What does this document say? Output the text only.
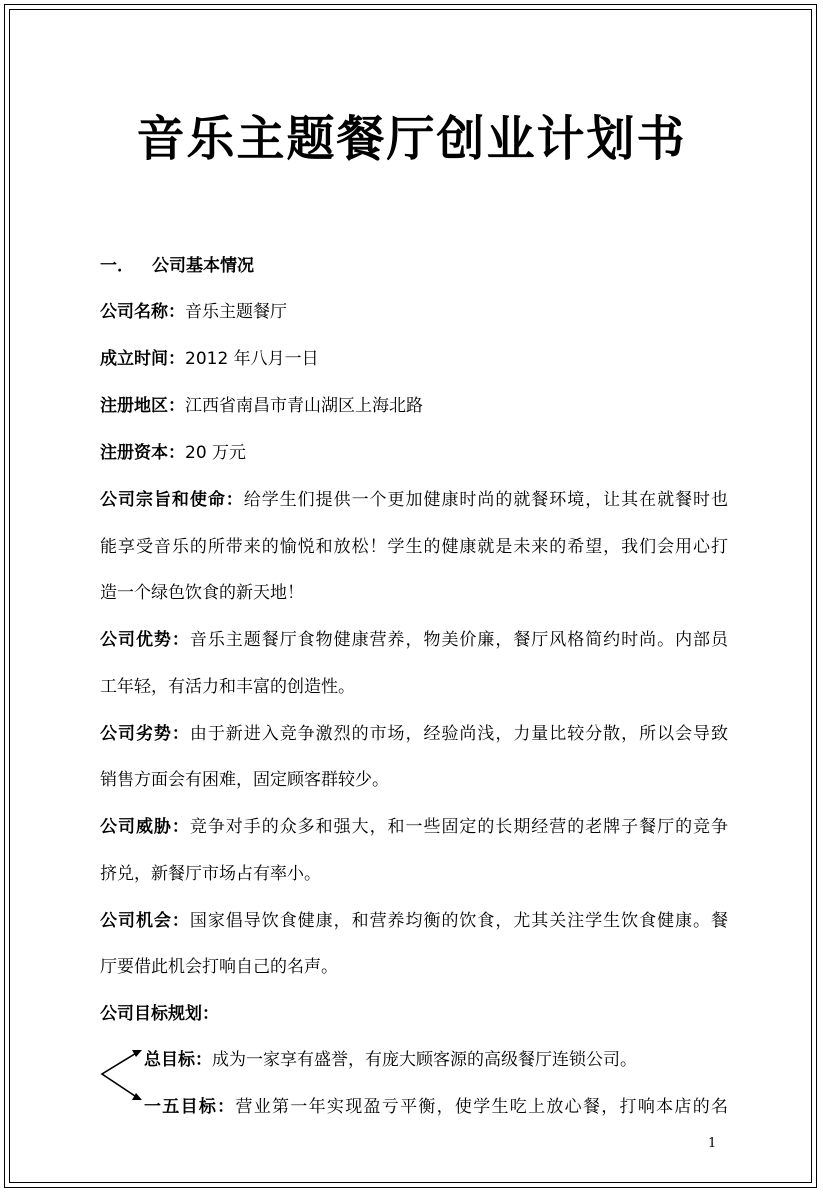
音乐主题餐厅创业计划书
一． 公司基本情况
公司名称：音乐主题餐厅
成立时间：2012 年八月一日
注册地区：江西省南昌市青山湖区上海北路
注册资本：20 万元
公司宗旨和使命：给学生们提供一个更加健康时尚的就餐环境，让其在就餐时也
能享受音乐的所带来的愉悦和放松！学生的健康就是未来的希望，我们会用心打
造一个绿色饮食的新天地！
公司优势：音乐主题餐厅食物健康营养，物美价廉，餐厅风格简约时尚。内部员
工年轻，有活力和丰富的创造性。
公司劣势：由于新进入竞争激烈的市场，经验尚浅，力量比较分散，所以会导致
销售方面会有困难，固定顾客群较少。
公司威胁：竞争对手的众多和强大，和一些固定的长期经营的老牌子餐厅的竞争
挤兑，新餐厅市场占有率小。
公司机会：国家倡导饮食健康，和营养均衡的饮食，尤其关注学生饮食健康。餐
厅要借此机会打响自己的名声。
公司目标规划：
总目标：成为一家享有盛誉，有庞大顾客源的高级餐厅连锁公司。
一五目标：营业第一年实现盈亏平衡，使学生吃上放心餐，打响本店的名
1
